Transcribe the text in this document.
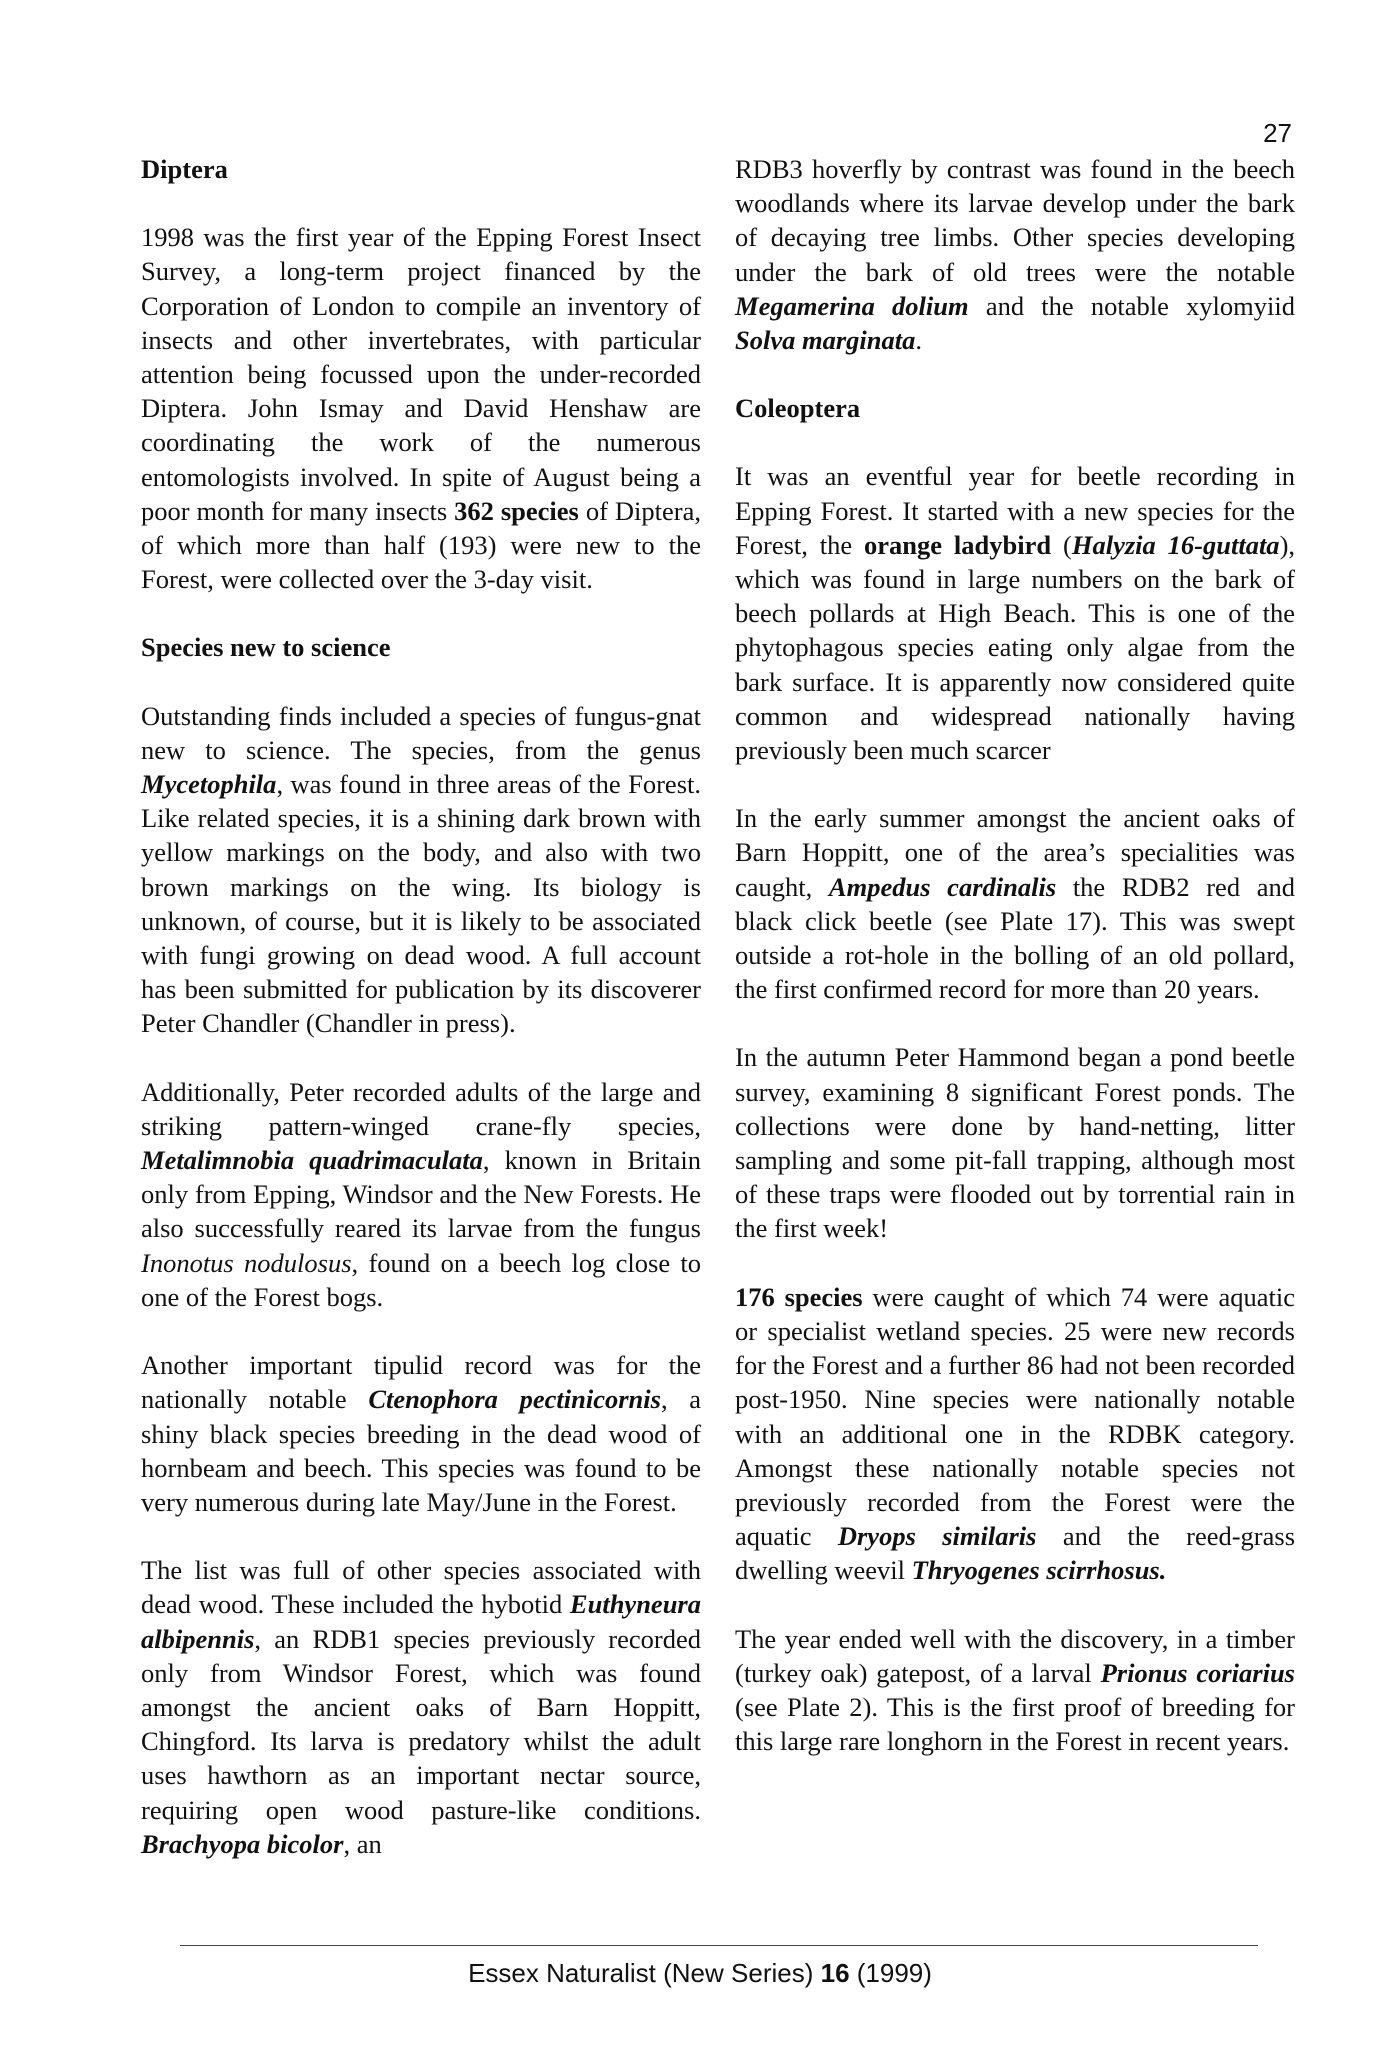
27

Diptera

1998 was the first year of the Epping Forest Insect Survey, a long-term project financed by the Corporation of London to compile an inventory of insects and other invertebrates, with particular attention being focussed upon the under-recorded Diptera. John Ismay and David Henshaw are coordinating the work of the numerous entomologists involved. In spite of August being a poor month for many insects 362 species of Diptera, of which more than half (193) were new to the Forest, were collected over the 3-day visit.

Species new to science

Outstanding finds included a species of fungus-gnat new to science. The species, from the genus Mycetophila, was found in three areas of the Forest. Like related species, it is a shining dark brown with yellow markings on the body, and also with two brown markings on the wing. Its biology is unknown, of course, but it is likely to be associated with fungi growing on dead wood. A full account has been submitted for publication by its discoverer Peter Chandler (Chandler in press).

Additionally, Peter recorded adults of the large and striking pattern-winged crane-fly species, Metalimnobia quadrimaculata, known in Britain only from Epping, Windsor and the New Forests. He also successfully reared its larvae from the fungus Inonotus nodulosus, found on a beech log close to one of the Forest bogs.

Another important tipulid record was for the nationally notable Ctenophora pectinicornis, a shiny black species breeding in the dead wood of hornbeam and beech. This species was found to be very numerous during late May/June in the Forest.

The list was full of other species associated with dead wood. These included the hybotid Euthyneura albipennis, an RDB1 species previously recorded only from Windsor Forest, which was found amongst the ancient oaks of Barn Hoppitt, Chingford. Its larva is predatory whilst the adult uses hawthorn as an important nectar source, requiring open wood pasture-like conditions. Brachyopa bicolor, an

RDB3 hoverfly by contrast was found in the beech woodlands where its larvae develop under the bark of decaying tree limbs. Other species developing under the bark of old trees were the notable Megamerina dolium and the notable xylomyiid Solva marginata.

Coleoptera

It was an eventful year for beetle recording in Epping Forest. It started with a new species for the Forest, the orange ladybird (Halyzia 16-guttata), which was found in large numbers on the bark of beech pollards at High Beach. This is one of the phytophagous species eating only algae from the bark surface. It is apparently now considered quite common and widespread nationally having previously been much scarcer

In the early summer amongst the ancient oaks of Barn Hoppitt, one of the area’s specialities was caught, Ampedus cardinalis the RDB2 red and black click beetle (see Plate 17). This was swept outside a rot-hole in the bolling of an old pollard, the first confirmed record for more than 20 years.

In the autumn Peter Hammond began a pond beetle survey, examining 8 significant Forest ponds. The collections were done by hand-netting, litter sampling and some pit-fall trapping, although most of these traps were flooded out by torrential rain in the first week!

176 species were caught of which 74 were aquatic or specialist wetland species. 25 were new records for the Forest and a further 86 had not been recorded post-1950. Nine species were nationally notable with an additional one in the RDBK category. Amongst these nationally notable species not previously recorded from the Forest were the aquatic Dryops similaris and the reed-grass dwelling weevil Thryogenes scirrhosus.

The year ended well with the discovery, in a timber (turkey oak) gatepost, of a larval Prionus coriarius (see Plate 2). This is the first proof of breeding for this large rare longhorn in the Forest in recent years.

Essex Naturalist (New Series) 16 (1999)
